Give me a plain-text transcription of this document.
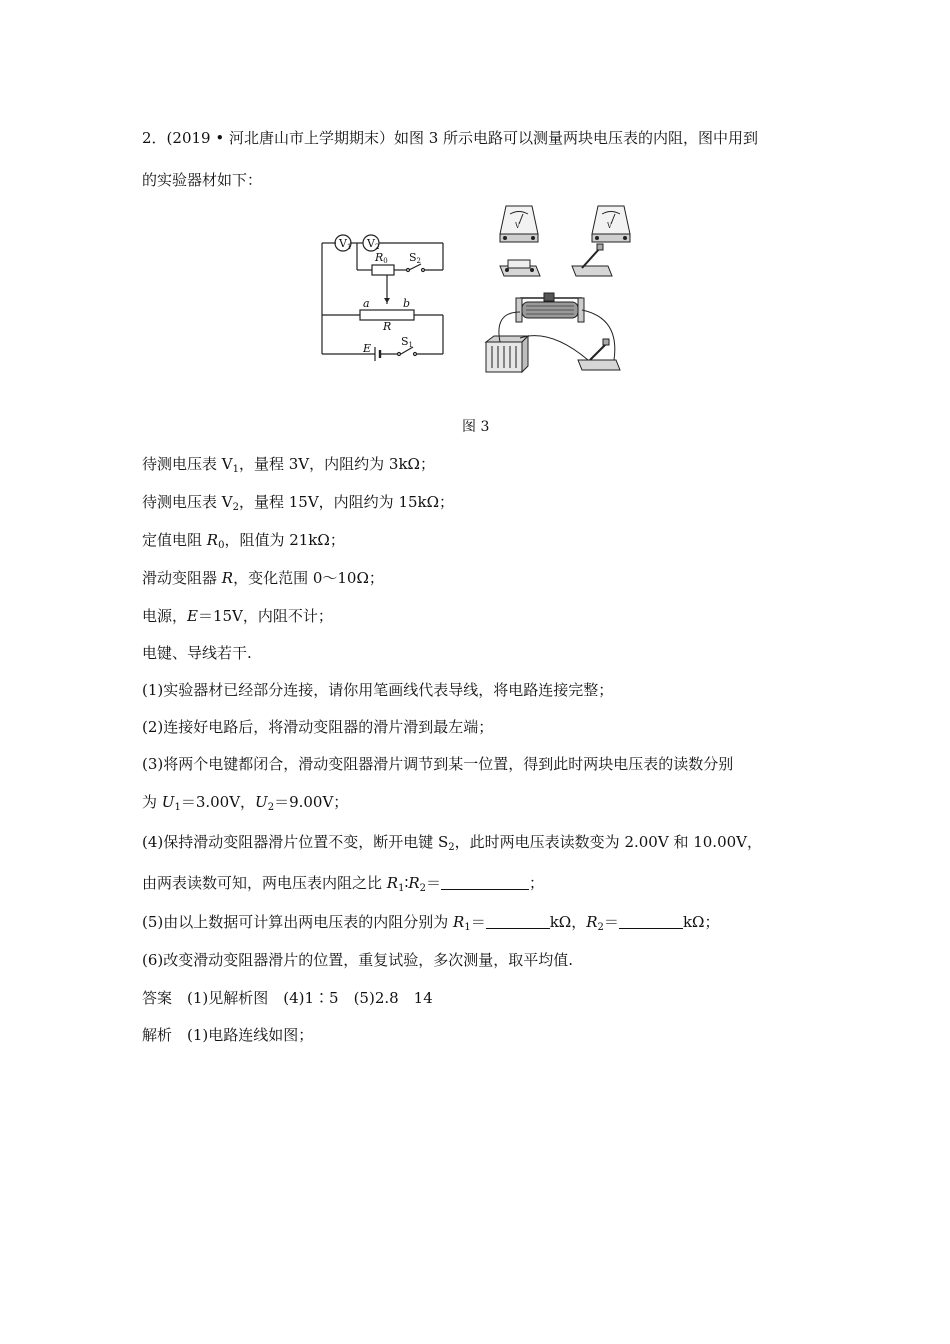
2．(2019 • 河北唐山市上学期期末）如图 3 所示电路可以测量两块电压表的内阻，图中用到
的实验器材如下：
V1 V2
R0 S2
a	b
R
E
S1
V	V
图 3
待测电压表 $V_1$，量程 3V，内阻约为 3kΩ；
待测电压表 $V_2$，量程 15V，内阻约为 15kΩ；
定值电阻 $R_0$，阻值为 21kΩ；
滑动变阻器 R，变化范围 0～10Ω；
电源，E＝15V，内阻不计；
电键、导线若干.
(1)实验器材已经部分连接，请你用笔画线代表导线，将电路连接完整；
(2)连接好电路后，将滑动变阻器的滑片滑到最左端；
(3)将两个电键都闭合，滑动变阻器滑片调节到某一位置，得到此时两块电压表的读数分别
为 $U_1=3.00V$，$U_2=9.00V$；
(4)保持滑动变阻器滑片位置不变，断开电键 $S_2$，此时两电压表读数变为 2.00V 和 10.00V，
由两表读数可知，两电压表内阻之比 $R_1∶R_2=$	；
(5)由以上数据可计算出两电压表的内阻分别为 $R_1=$	kΩ，$R_2=$	kΩ；
(6)改变滑动变阻器滑片的位置，重复试验，多次测量，取平均值.
答案　(1)见解析图　(4)1∶5　(5)2.8　14
解析　(1)电路连线如图；
